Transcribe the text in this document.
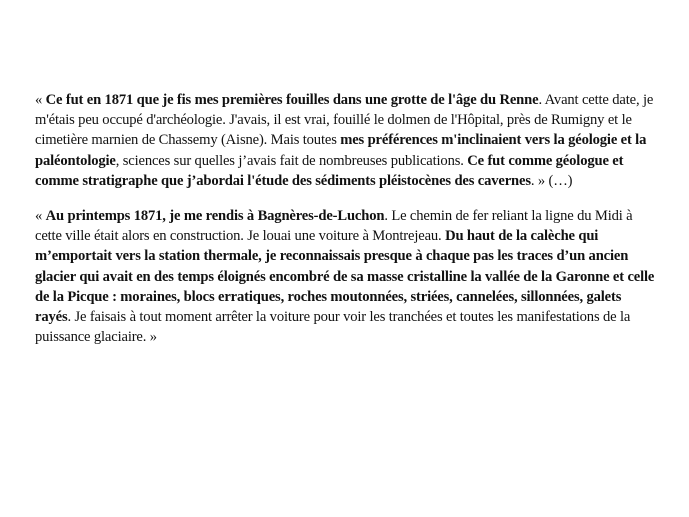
« Ce fut en 1871 que je fis mes premières fouilles dans une grotte de l'âge du Renne. Avant cette date, je m'étais peu occupé d'archéologie. J'avais, il est vrai, fouillé le dolmen de l'Hôpital, près de Rumigny et le cimetière marnien de Chassemy (Aisne). Mais toutes mes préférences m'inclinaient vers la géologie et la paléontologie, sciences sur quelles j’avais fait de nombreuses publications. Ce fut comme géologue et comme stratigraphe que j’abordai l'étude des sédiments pléistocènes des cavernes. » (…)

« Au printemps 1871, je me rendis à Bagnères-de-Luchon. Le chemin de fer reliant la ligne du Midi à cette ville était alors en construction. Je louai une voiture à Montrejeau. Du haut de la calèche qui m’emportait vers la station thermale, je reconnaissais presque à chaque pas les traces d’un ancien glacier qui avait en des temps éloignés encombré de sa masse cristalline la vallée de la Garonne et celle de la Picque : moraines, blocs erratiques, roches moutonnées, striées, cannelées, sillonnées, galets rayés. Je faisais à tout moment arrêter la voiture pour voir les tranchées et toutes les manifestations de la puissance glaciaire. »
